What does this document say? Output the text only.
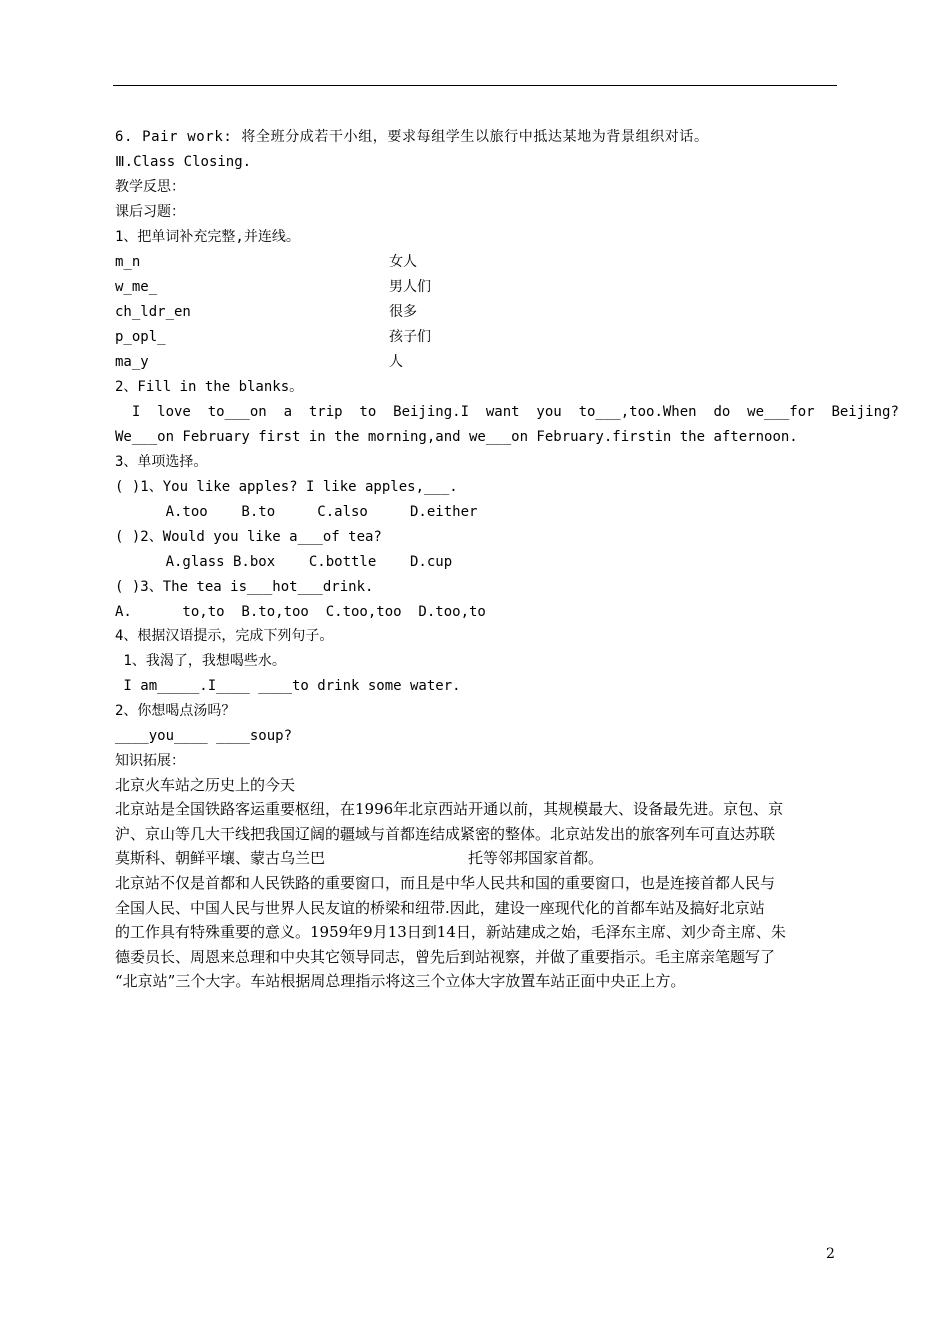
6. Pair work: 将全班分成若干小组，要求每组学生以旅行中抵达某地为背景组织对话。
Ⅲ.Class Closing.
教学反思：
课后习题：
1、把单词补充完整,并连线。
m_n	女人
w_me_	男人们
ch_ldr_en	很多
p_opl_	孩子们
ma_y	人
2、Fill in the blanks。
I  love  to___on  a  trip  to  Beijing.I  want  you  to___,too.When  do  we___for  Beijing?
We___on February first in the morning,and we___on February.firstin the afternoon.
3、单项选择。
( )1、You like apples? I like apples,___.
A.too    B.to     C.also     D.either
( )2、Would you like a___of tea?
A.glass B.box    C.bottle    D.cup
( )3、The tea is___hot___drink.
A.      to,to  B.to,too  C.too,too  D.too,to
4、根据汉语提示，完成下列句子。
1、我渴了，我想喝些水。
I am_____.I____ ____to drink some water.
2、你想喝点汤吗？
____you____ ____soup?
知识拓展：
北京火车站之历史上的今天
北京站是全国铁路客运重要枢纽，在1996年北京西站开通以前，其规模最大、设备最先进。京包、京
沪、京山等几大干线把我国辽阔的疆域与首都连结成紧密的整体。北京站发出的旅客列车可直达苏联
莫斯科、朝鲜平壤、蒙古乌兰巴                              托等邻邦国家首都。
北京站不仅是首都和人民铁路的重要窗口，而且是中华人民共和国的重要窗口，也是连接首都人民与
全国人民、中国人民与世界人民友谊的桥梁和纽带.因此，建设一座现代化的首都车站及搞好北京站
的工作具有特殊重要的意义。1959年9月13日到14日，新站建成之始，毛泽东主席、刘少奇主席、朱
德委员长、周恩来总理和中央其它领导同志，曾先后到站视察，并做了重要指示。毛主席亲笔题写了
“北京站”三个大字。车站根据周总理指示将这三个立体大字放置车站正面中央正上方。
2
